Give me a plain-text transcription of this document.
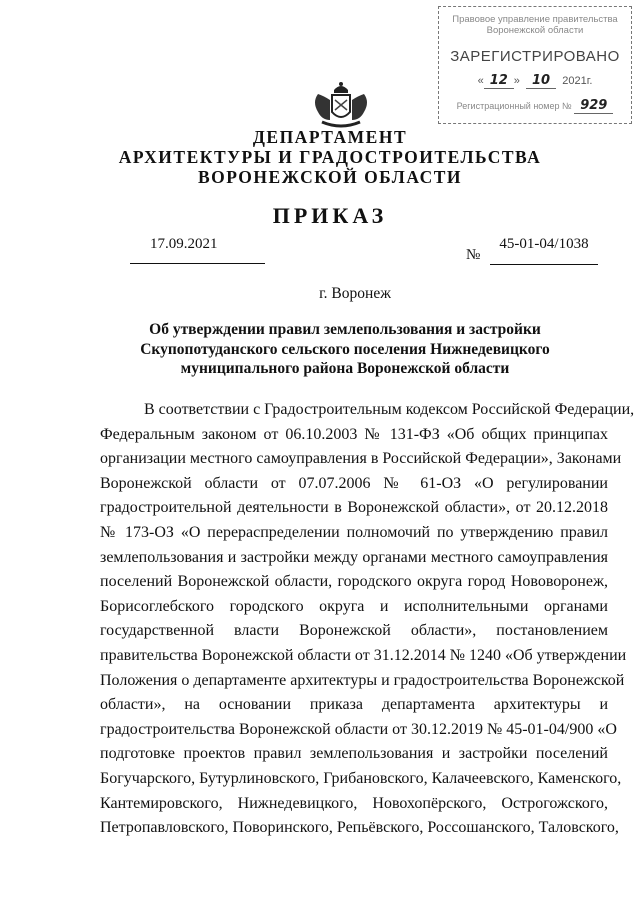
Правовое управление правительства
Воронежской области
ЗАРЕГИСТРИРОВАНО
« 12 »  10 2021г.
Регистрационный номер № 929
ДЕПАРТАМЕНТ
АРХИТЕКТУРЫ И ГРАДОСТРОИТЕЛЬСТВА
ВОРОНЕЖСКОЙ ОБЛАСТИ
ПРИКАЗ
17.09.2021
№
45-01-04/1038
г. Воронеж
Об утверждении правил землепользования и застройки
Скупопотуданского сельского поселения Нижнедевицкого
муниципального района Воронежской области
В соответствии с Градостроительным кодексом Российской Федерации,
Федеральным законом от 06.10.2003 № 131-ФЗ «Об общих принципах
организации местного самоуправления в Российской Федерации», Законами
Воронежской области от 07.07.2006 № 61-ОЗ «О регулировании
градостроительной деятельности в Воронежской области», от 20.12.2018
№ 173-ОЗ «О перераспределении полномочий по утверждению правил
землепользования и застройки между органами местного самоуправления
поселений Воронежской области, городского округа город Нововоронеж,
Борисоглебского городского округа и исполнительными органами
государственной власти Воронежской области», постановлением
правительства Воронежской области от 31.12.2014 № 1240 «Об утверждении
Положения о департаменте архитектуры и градостроительства Воронежской
области», на основании приказа департамента архитектуры и
градостроительства Воронежской области от 30.12.2019 № 45-01-04/900 «О
подготовке проектов правил землепользования и застройки поселений
Богучарского, Бутурлиновского, Грибановского, Калачеевского, Каменского,
Кантемировского, Нижнедевицкого, Новохопёрского, Острогожского,
Петропавловского, Поворинского, Репьёвского, Россошанского, Таловского,
